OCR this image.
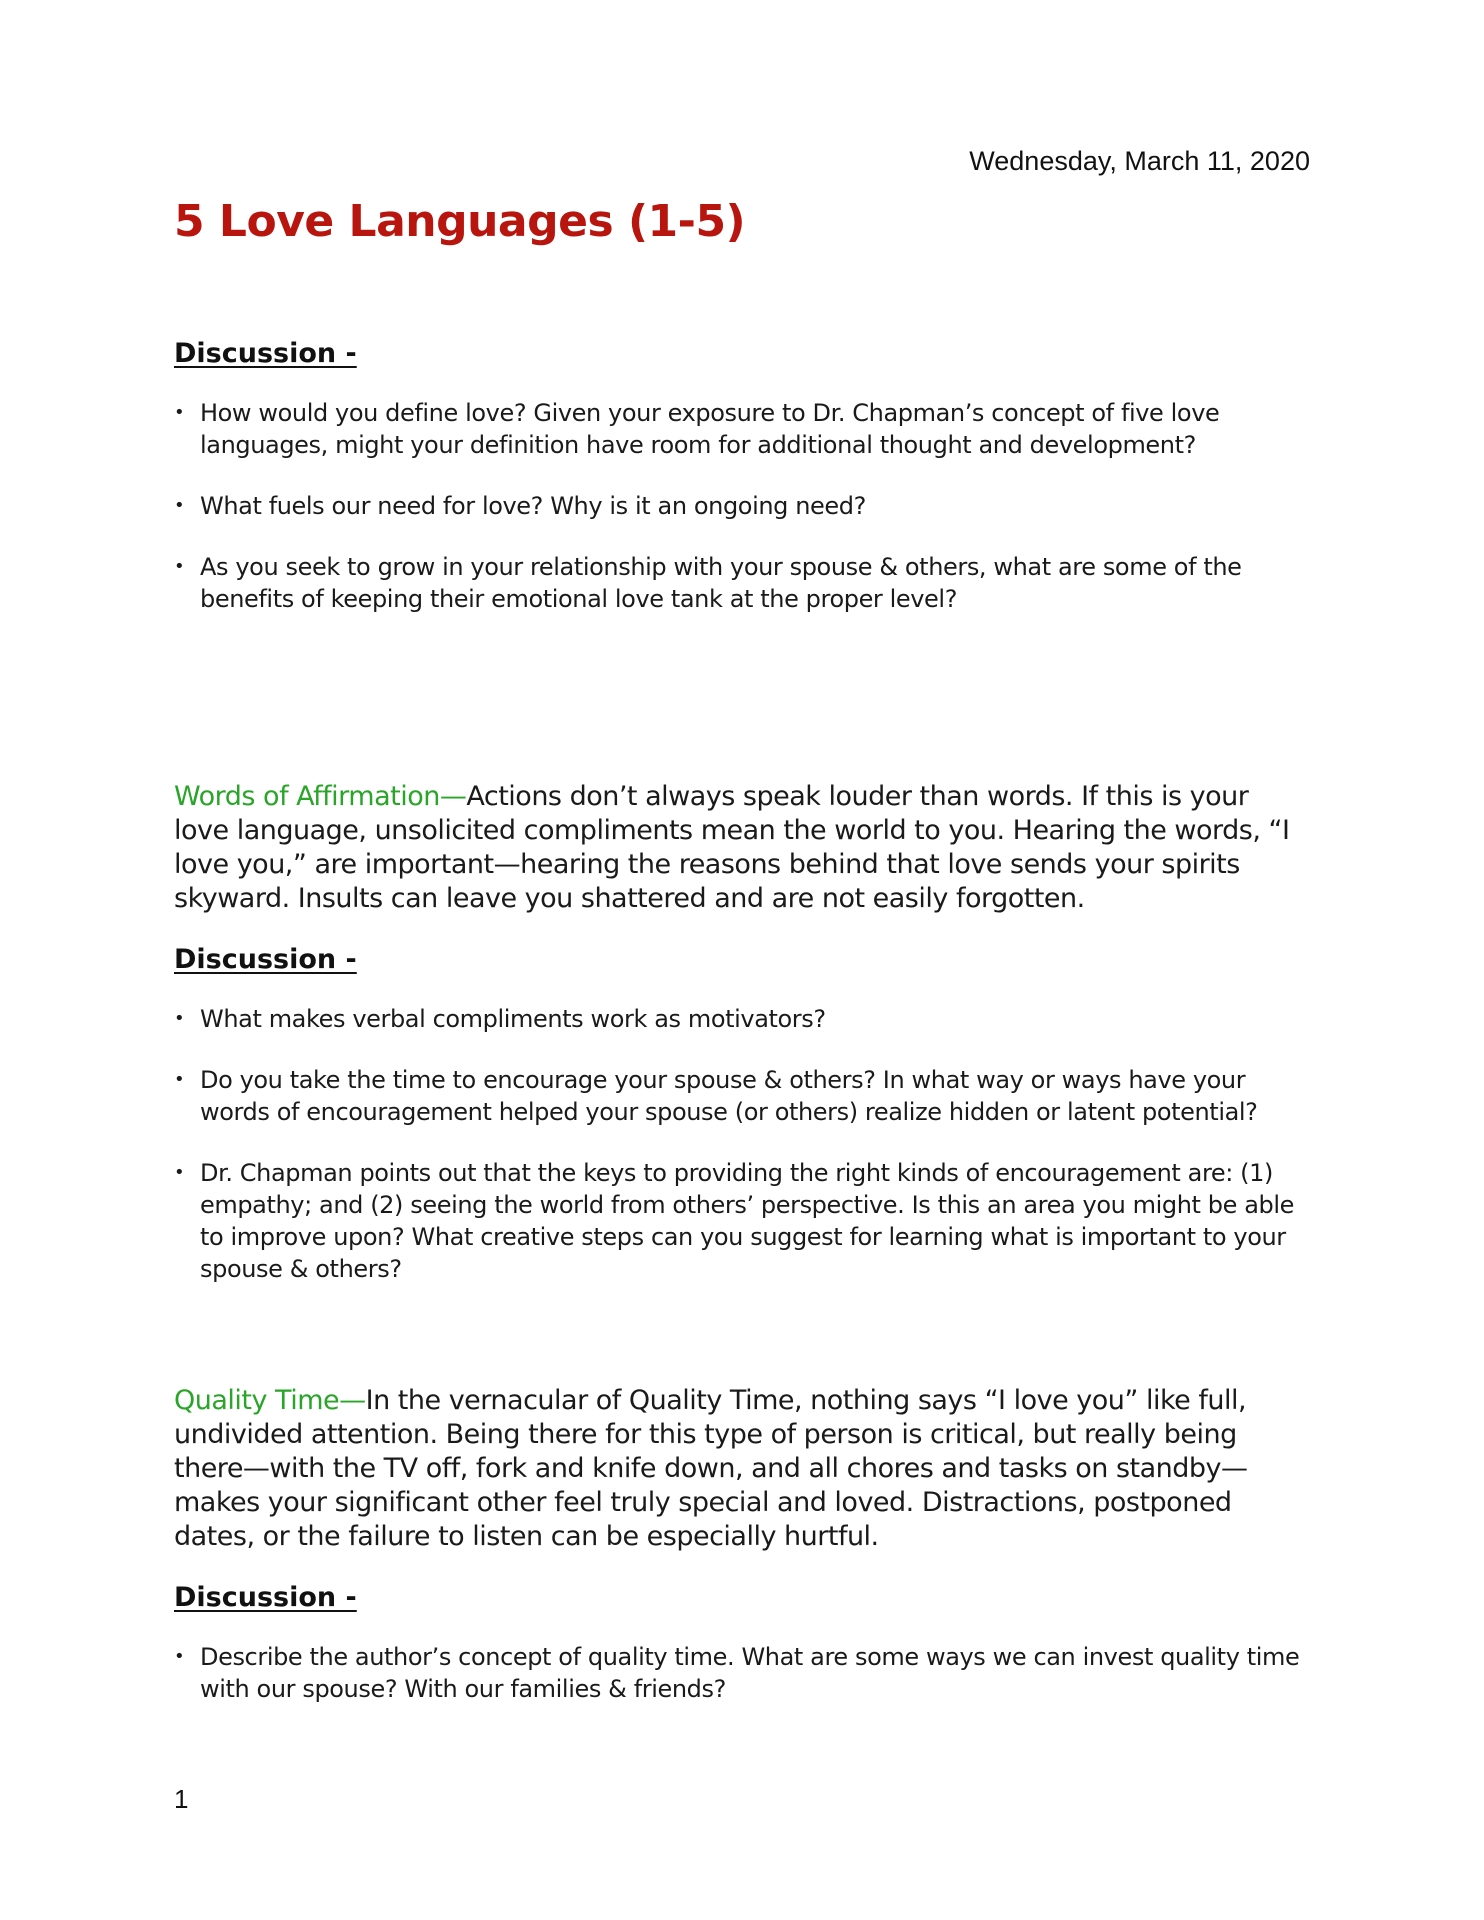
Wednesday, March 11, 2020
5 Love Languages (1-5)

Discussion -

• How would you define love? Given your exposure to Dr. Chapman’s concept of five love languages, might your definition have room for additional thought and development?
• What fuels our need for love? Why is it an ongoing need?
• As you seek to grow in your relationship with your spouse & others, what are some of the benefits of keeping their emotional love tank at the proper level?

Words of Affirmation—Actions don’t always speak louder than words. If this is your love language, unsolicited compliments mean the world to you. Hearing the words, “I love you,” are important—hearing the reasons behind that love sends your spirits skyward. Insults can leave you shattered and are not easily forgotten.

Discussion -

• What makes verbal compliments work as motivators?
• Do you take the time to encourage your spouse & others? In what way or ways have your words of encouragement helped your spouse (or others) realize hidden or latent potential?
• Dr. Chapman points out that the keys to providing the right kinds of encouragement are: (1) empathy; and (2) seeing the world from others’ perspective. Is this an area you might be able to improve upon? What creative steps can you suggest for learning what is important to your spouse & others?

Quality Time—In the vernacular of Quality Time, nothing says “I love you” like full, undivided attention. Being there for this type of person is critical, but really being there—with the TV off, fork and knife down, and all chores and tasks on standby—makes your significant other feel truly special and loved. Distractions, postponed dates, or the failure to listen can be especially hurtful.

Discussion -

• Describe the author’s concept of quality time. What are some ways we can invest quality time with our spouse? With our families & friends?
1
